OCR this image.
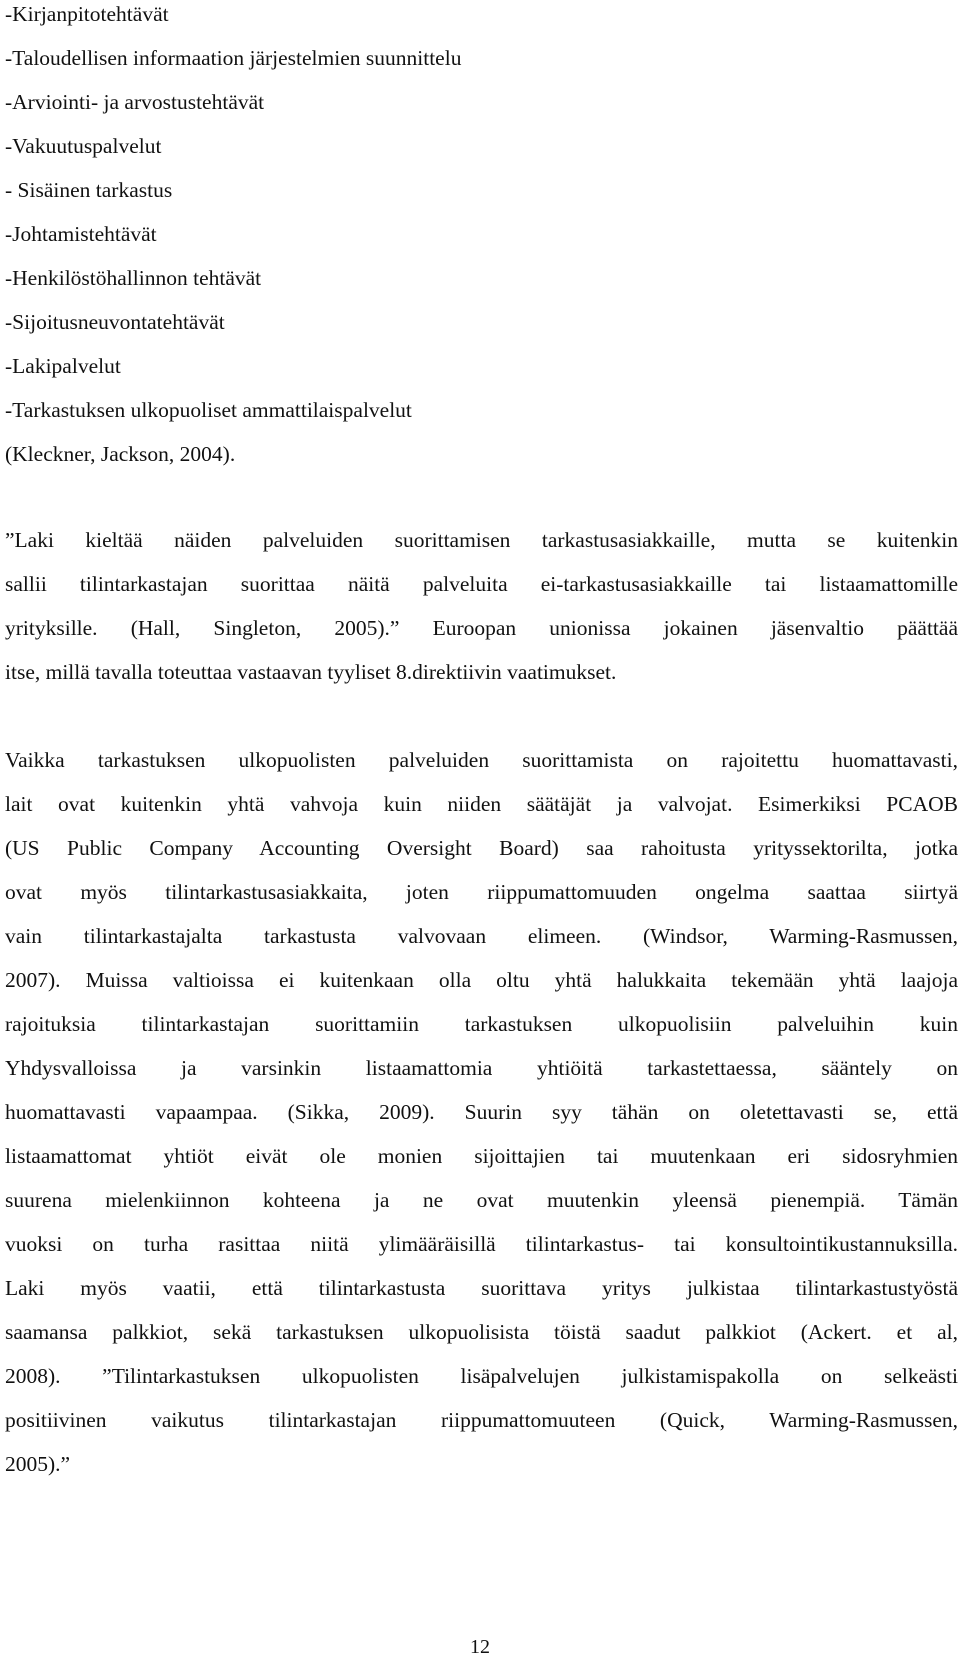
-Kirjanpitotehtävät
-Taloudellisen informaation järjestelmien suunnittelu
-Arviointi- ja arvostustehtävät
-Vakuutuspalvelut
- Sisäinen tarkastus
-Johtamistehtävät
-Henkilöstöhallinnon tehtävät
-Sijoitusneuvontatehtävät
-Lakipalvelut
-Tarkastuksen ulkopuoliset ammattilaispalvelut
(Kleckner, Jackson, 2004).
”Laki kieltää näiden palveluiden suorittamisen tarkastusasiakkaille, mutta se kuitenkin
sallii tilintarkastajan suorittaa näitä palveluita ei-tarkastusasiakkaille tai listaamattomille
yrityksille. (Hall, Singleton, 2005).” Euroopan unionissa jokainen jäsenvaltio päättää
itse, millä tavalla toteuttaa vastaavan tyyliset 8.direktiivin vaatimukset.
Vaikka tarkastuksen ulkopuolisten palveluiden suorittamista on rajoitettu huomattavasti,
lait ovat kuitenkin yhtä vahvoja kuin niiden säätäjät ja valvojat. Esimerkiksi PCAOB
(US Public Company Accounting Oversight Board) saa rahoitusta yrityssektorilta, jotka
ovat myös tilintarkastusasiakkaita, joten riippumattomuuden ongelma saattaa siirtyä
vain tilintarkastajalta tarkastusta valvovaan elimeen. (Windsor, Warming-Rasmussen,
2007). Muissa valtioissa ei kuitenkaan olla oltu yhtä halukkaita tekemään yhtä laajoja
rajoituksia tilintarkastajan suorittamiin tarkastuksen ulkopuolisiin palveluihin kuin
Yhdysvalloissa ja varsinkin listaamattomia yhtiöitä tarkastettaessa, sääntely on
huomattavasti vapaampaa. (Sikka, 2009). Suurin syy tähän on oletettavasti se, että
listaamattomat yhtiöt eivät ole monien sijoittajien tai muutenkaan eri sidosryhmien
suurena mielenkiinnon kohteena ja ne ovat muutenkin yleensä pienempiä. Tämän
vuoksi on turha rasittaa niitä ylimääräisillä tilintarkastus- tai konsultointikustannuksilla.
Laki myös vaatii, että tilintarkastusta suorittava yritys julkistaa tilintarkastustyöstä
saamansa palkkiot, sekä tarkastuksen ulkopuolisista töistä saadut palkkiot (Ackert. et al,
2008). ”Tilintarkastuksen ulkopuolisten lisäpalvelujen julkistamispakolla on selkeästi
positiivinen vaikutus tilintarkastajan riippumattomuuteen (Quick, Warming-Rasmussen,
2005).”
12
